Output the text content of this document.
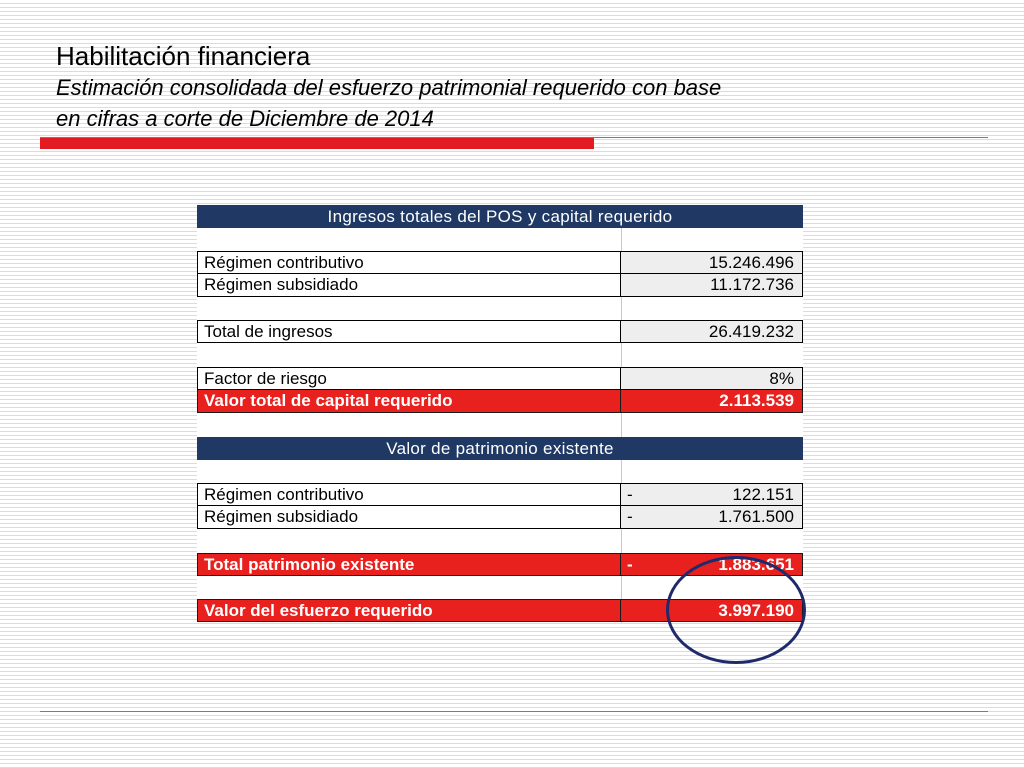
Habilitación financiera
Estimación consolidada del esfuerzo patrimonial requerido con base
en cifras a corte de Diciembre de 2014
Ingresos totales del POS y capital requerido
Régimen contributivo	15.246.496
Régimen subsidiado	11.172.736
Total de ingresos	26.419.232
Factor de riesgo	8%
Valor total de capital requerido	2.113.539
Valor de patrimonio existente
Régimen contributivo	-	122.151
Régimen subsidiado	-	1.761.500
Total patrimonio existente	-	1.883.651
Valor del esfuerzo requerido	3.997.190
